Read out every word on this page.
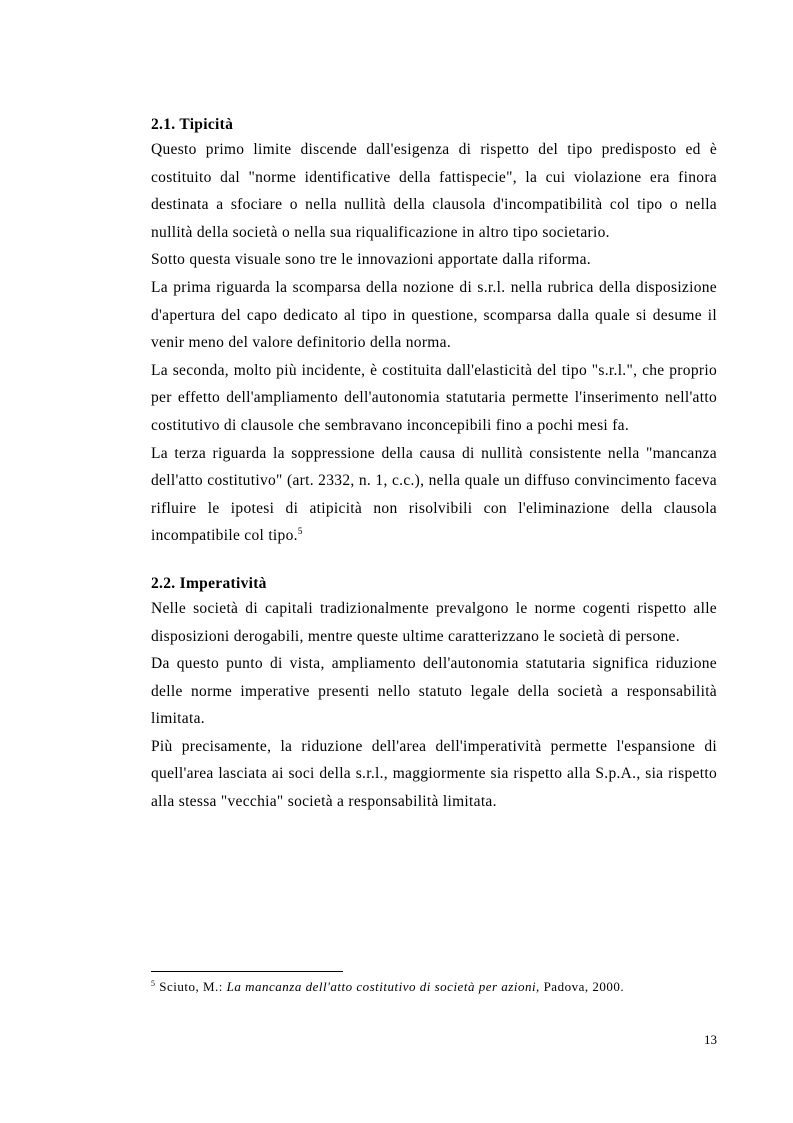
2.1. Tipicità

Questo primo limite discende dall'esigenza di rispetto del tipo predisposto ed è costituito dal "norme identificative della fattispecie", la cui violazione era finora destinata a sfociare o nella nullità della clausola d'incompatibilità col tipo o nella nullità della società o nella sua riqualificazione in altro tipo societario.

Sotto questa visuale sono tre le innovazioni apportate dalla riforma.

La prima riguarda la scomparsa della nozione di s.r.l. nella rubrica della disposizione d'apertura del capo dedicato al tipo in questione, scomparsa dalla quale si desume il venir meno del valore definitorio della norma.

La seconda, molto più incidente, è costituita dall'elasticità del tipo "s.r.l.", che proprio per effetto dell'ampliamento dell'autonomia statutaria permette l'inserimento nell'atto costitutivo di clausole che sembravano inconcepibili fino a pochi mesi fa.

La terza riguarda la soppressione della causa di nullità consistente nella "mancanza dell'atto costitutivo" (art. 2332, n. 1, c.c.), nella quale un diffuso convincimento faceva rifluire le ipotesi di atipicità non risolvibili con l'eliminazione della clausola incompatibile col tipo.$^5$

2.2. Imperatività

Nelle società di capitali tradizionalmente prevalgono le norme cogenti rispetto alle disposizioni derogabili, mentre queste ultime caratterizzano le società di persone.

Da questo punto di vista, ampliamento dell'autonomia statutaria significa riduzione delle norme imperative presenti nello statuto legale della società a responsabilità limitata.

Più precisamente, la riduzione dell'area dell'imperatività permette l'espansione di quell'area lasciata ai soci della s.r.l., maggiormente sia rispetto alla S.p.A., sia rispetto alla stessa "vecchia" società a responsabilità limitata.

$^5$ Sciuto, M.: La mancanza dell'atto costitutivo di società per azioni, Padova, 2000.
13
